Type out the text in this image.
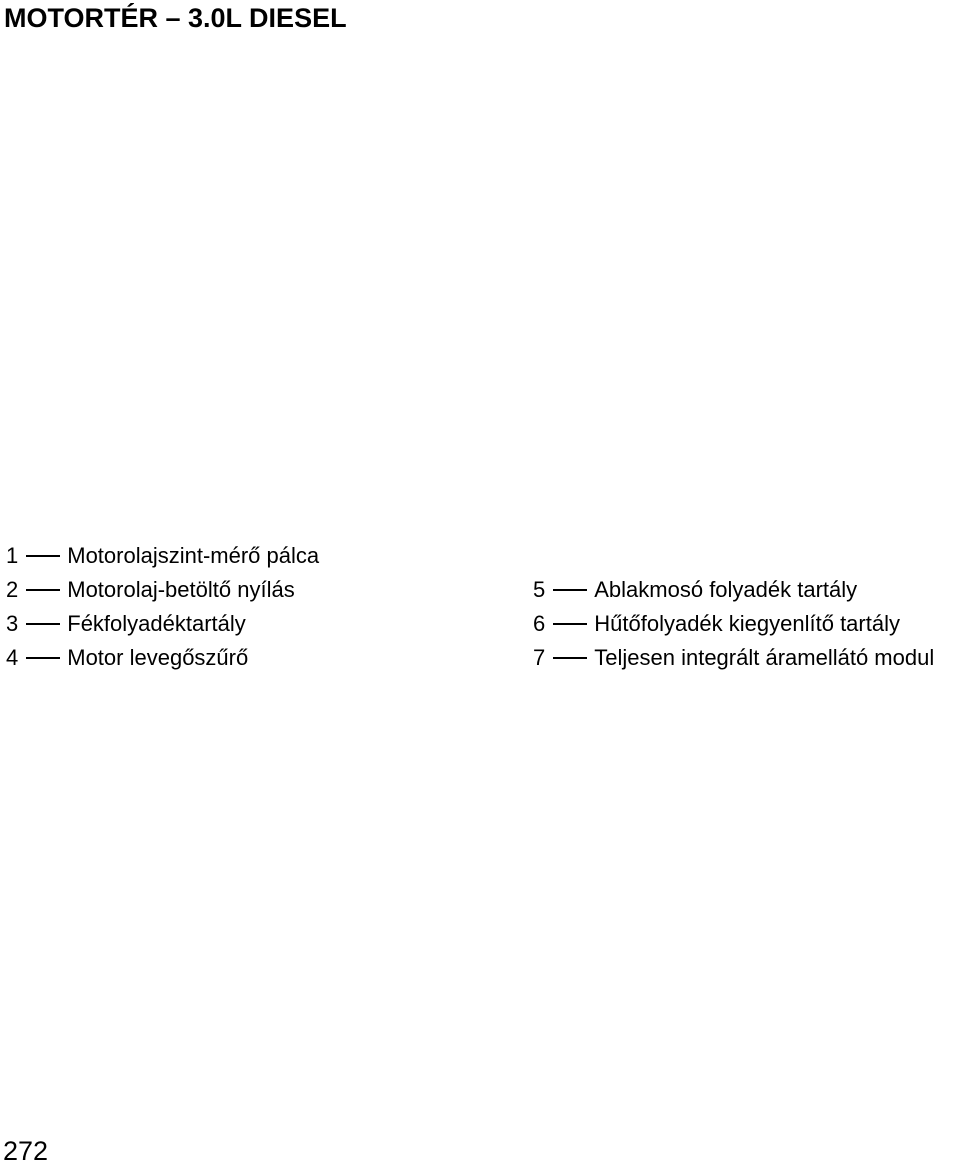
MOTORTÉR – 3.0L DIESEL
1 Motorolajszint-mérő pálca
2 Motorolaj-betöltő nyílás
3 Fékfolyadéktartály
4 Motor levegőszűrő
5 Ablakmosó folyadék tartály
6 Hűtőfolyadék kiegyenlítő tartály
7 Teljesen integrált áramellátó modul
272
